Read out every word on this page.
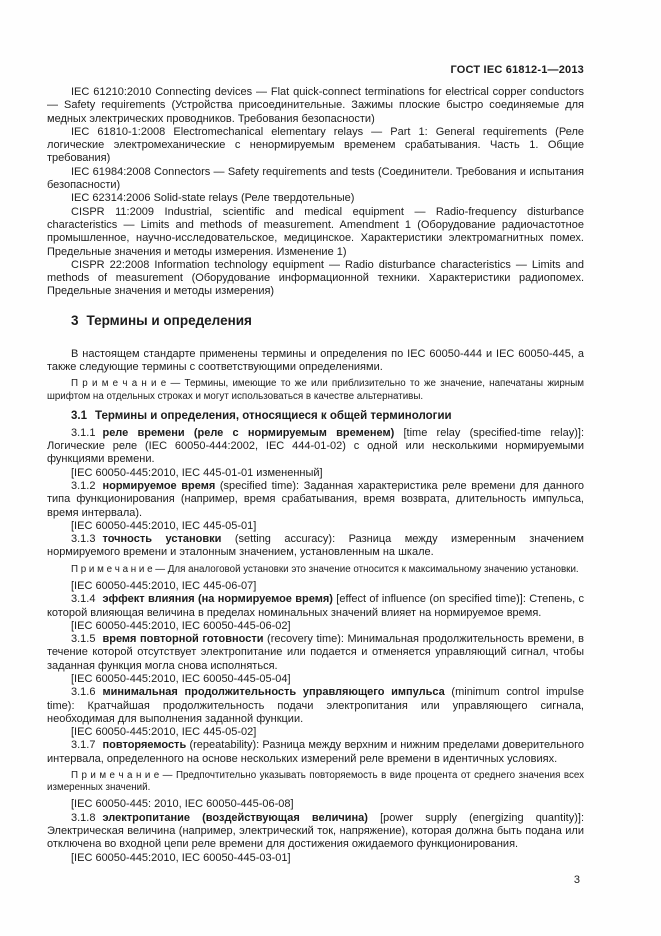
ГОСТ IEC 61812-1—2013

IEC 61210:2010 Connecting devices — Flat quick-connect terminations for electrical copper conductors — Safety requirements (Устройства присоединительные. Зажимы плоские быстро соединяемые для медных электрических проводников. Требования безопасности)

IEC 61810-1:2008 Electromechanical elementary relays — Part 1: General requirements (Реле логические электромеханические с ненормируемым временем срабатывания. Часть 1. Общие требования)

IEC 61984:2008 Connectors — Safety requirements and tests (Соединители. Требования и испытания безопасности)

IEC 62314:2006 Solid-state relays (Реле твердотельные)

CISPR 11:2009 Industrial, scientific and medical equipment — Radio-frequency disturbance characteristics — Limits and methods of measurement. Amendment 1 (Оборудование радиочастотное промышленное, научно-исследовательское, медицинское. Характеристики электромагнитных помех. Предельные значения и методы измерения. Изменение 1)

CISPR 22:2008 Information technology equipment — Radio disturbance characteristics — Limits and methods of measurement (Оборудование информационной техники. Характеристики радиопомех. Предельные значения и методы измерения)

3 Термины и определения

В настоящем стандарте применены термины и определения по IEC 60050-444 и IEC 60050-445, а также следующие термины с соответствующими определениями.

П р и м е ч а н и е — Термины, имеющие то же или приблизительно то же значение, напечатаны жирным шрифтом на отдельных строках и могут использоваться в качестве альтернативы.

3.1 Термины и определения, относящиеся к общей терминологии

3.1.1 реле времени (реле с нормируемым временем) [time relay (specified-time relay)]: Логические реле (IEC 60050-444:2002, IEC 444-01-02) с одной или несколькими нормируемыми функциями времени.

[IEC 60050-445:2010, IEC 445-01-01 измененный]

3.1.2 нормируемое время (specified time): Заданная характеристика реле времени для данного типа функционирования (например, время срабатывания, время возврата, длительность импульса, время интервала).

[IEC 60050-445:2010, IEC 445-05-01]

3.1.3 точность установки (setting accuracy): Разница между измеренным значением нормируемого времени и эталонным значением, установленным на шкале.

П р и м е ч а н и е — Для аналоговой установки это значение относится к максимальному значению установки.

[IEC 60050-445:2010, IEC 445-06-07]

3.1.4 эффект влияния (на нормируемое время) [effect of influence (on specified time)]: Степень, с которой влияющая величина в пределах номинальных значений влияет на нормируемое время.

[IEC 60050-445:2010, IEC 60050-445-06-02]

3.1.5 время повторной готовности (recovery time): Минимальная продолжительность времени, в течение которой отсутствует электропитание или подается и отменяется управляющий сигнал, чтобы заданная функция могла снова исполняться.

[IEC 60050-445:2010, IEC 60050-445-05-04]

3.1.6 минимальная продолжительность управляющего импульса (minimum control impulse time): Кратчайшая продолжительность подачи электропитания или управляющего сигнала, необходимая для выполнения заданной функции.

[IEC 60050-445:2010, IEC 445-05-02]

3.1.7 повторяемость (repeatability): Разница между верхним и нижним пределами доверительного интервала, определенного на основе нескольких измерений реле времени в идентичных условиях.

П р и м е ч а н и е — Предпочтительно указывать повторяемость в виде процента от среднего значения всех измеренных значений.

[IEC 60050-445: 2010, IEC 60050-445-06-08]

3.1.8 электропитание (воздействующая величина) [power supply (energizing quantity)]: Электрическая величина (например, электрический ток, напряжение), которая должна быть подана или отключена во входной цепи реле времени для достижения ожидаемого функционирования.

[IEC 60050-445:2010, IEC 60050-445-03-01]

3
